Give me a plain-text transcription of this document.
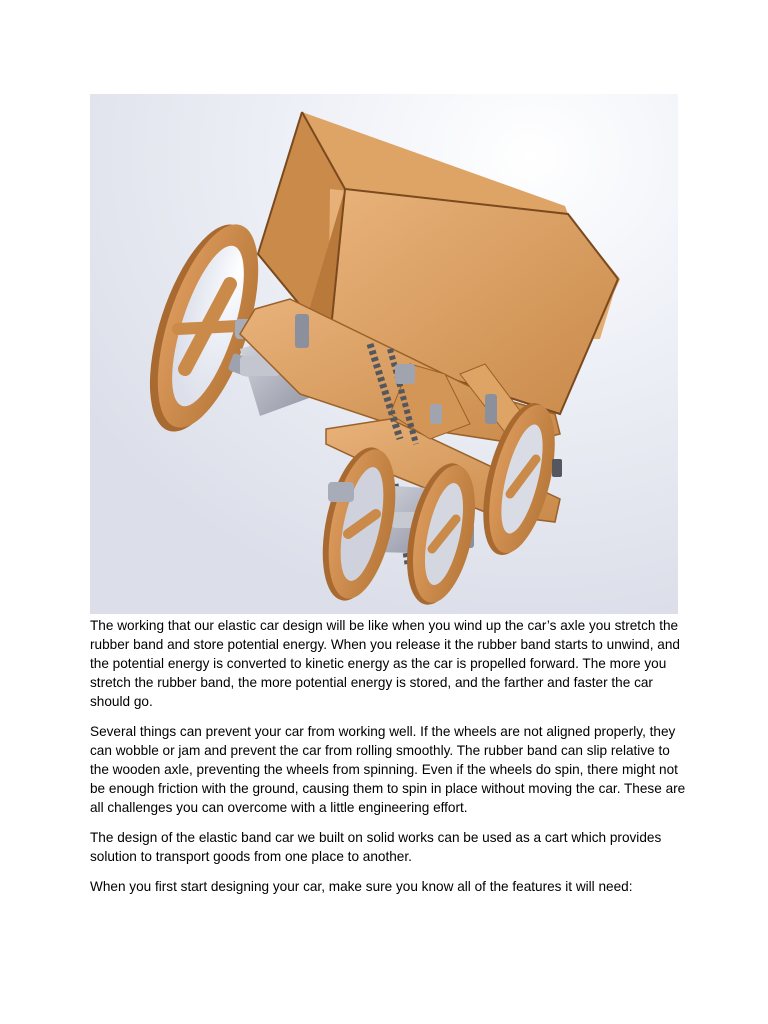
The working that our elastic car design will be like when you wind up the car’s axle you stretch the rubber band and store potential energy. When you release it the rubber band starts to unwind, and the potential energy is converted to kinetic energy as the car is propelled forward. The more you stretch the rubber band, the more potential energy is stored, and the farther and faster the car should go.

Several things can prevent your car from working well. If the wheels are not aligned properly, they can wobble or jam and prevent the car from rolling smoothly. The rubber band can slip relative to the wooden axle, preventing the wheels from spinning. Even if the wheels do spin, there might not be enough friction with the ground, causing them to spin in place without moving the car. These are all challenges you can overcome with a little engineering effort.

The design of the elastic band car we built on solid works can be used as a cart which provides solution to transport goods from one place to another.

When you first start designing your car, make sure you know all of the features it will need:
